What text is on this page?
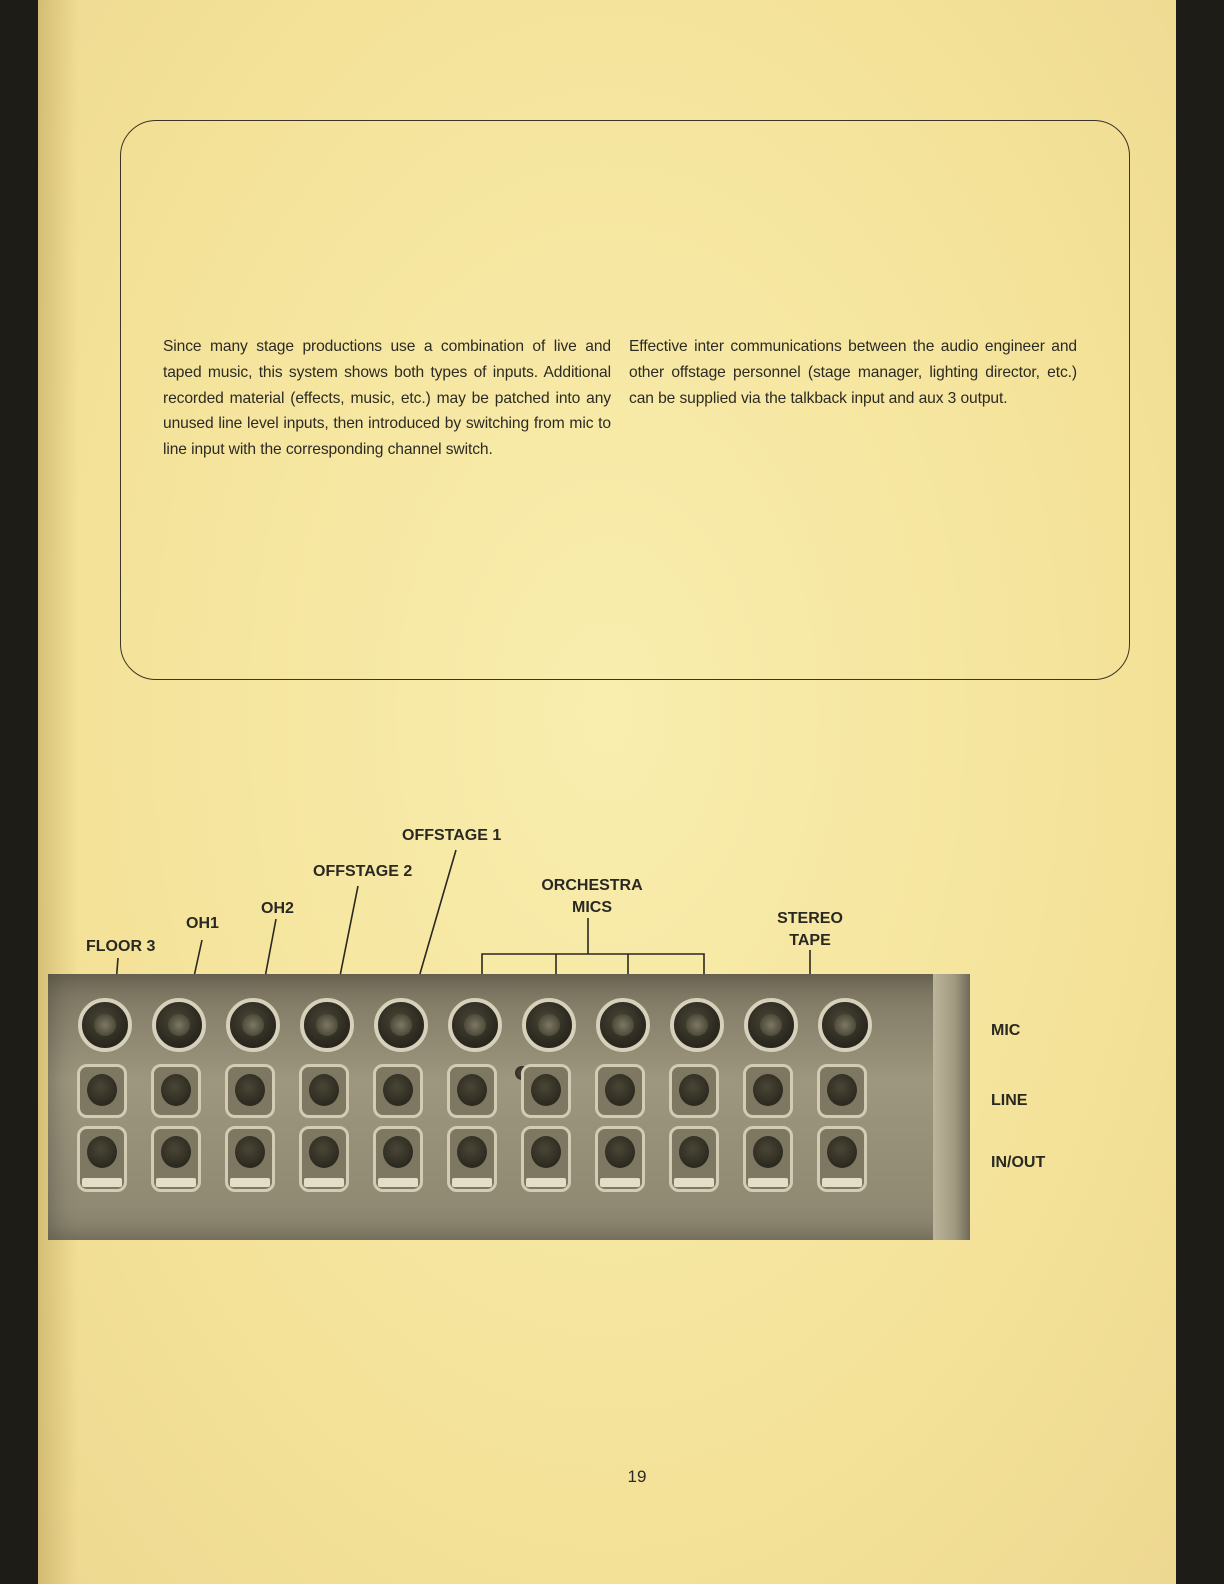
Since many stage productions use a combination of live and taped music, this system shows both types of inputs. Additional recorded material (effects, music, etc.) may be patched into any unused line level inputs, then introduced by switching from mic to line input with the corresponding channel switch.
Effective inter communications between the audio engineer and other offstage personnel (stage manager, lighting director, etc.) can be supplied via the talkback input and aux 3 output.
OFFSTAGE 1
OFFSTAGE 2
OH2
OH1
FLOOR 3
ORCHESTRA
MICS
STEREO
TAPE
MIC
LINE
IN/OUT
19
